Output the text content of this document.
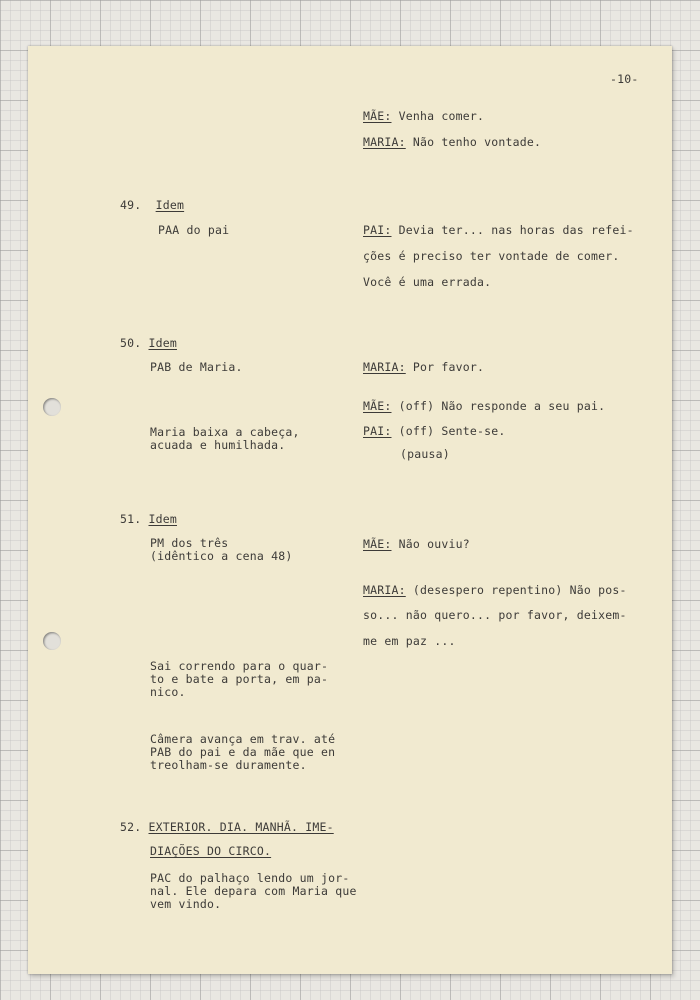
-10-

MÃE: Venha comer.

MARIA: Não tenho vontade.

49. Idem

PAA do pai	PAI: Devia ter... nas horas das refei-

ções é preciso ter vontade de comer.

Você é uma errada.

50. Idem

PAB de Maria.	MARIA: Por favor.

MÃE: (off) Não responde a seu pai.

Maria baixa a cabeça,

acuada e humilhada.

PAI: (off) Sente-se.

(pausa)

51. Idem

PM dos três

(idêntico a cena 48)

MÃE: Não ouviu?

MARIA: (desespero repentino) Não pos-

so... não quero... por favor, deixem-

me em paz ...

Sai correndo para o quar-

to e bate a porta, em pa-

nico.

Câmera avança em trav. até

PAB do pai e da mãe que en

treolham-se duramente.

52. EXTERIOR. DIA. MANHÃ. IME-

DIAÇÕES DO CIRCO.

PAC do palhaço lendo um jor-

nal. Ele depara com Maria que

vem vindo.
